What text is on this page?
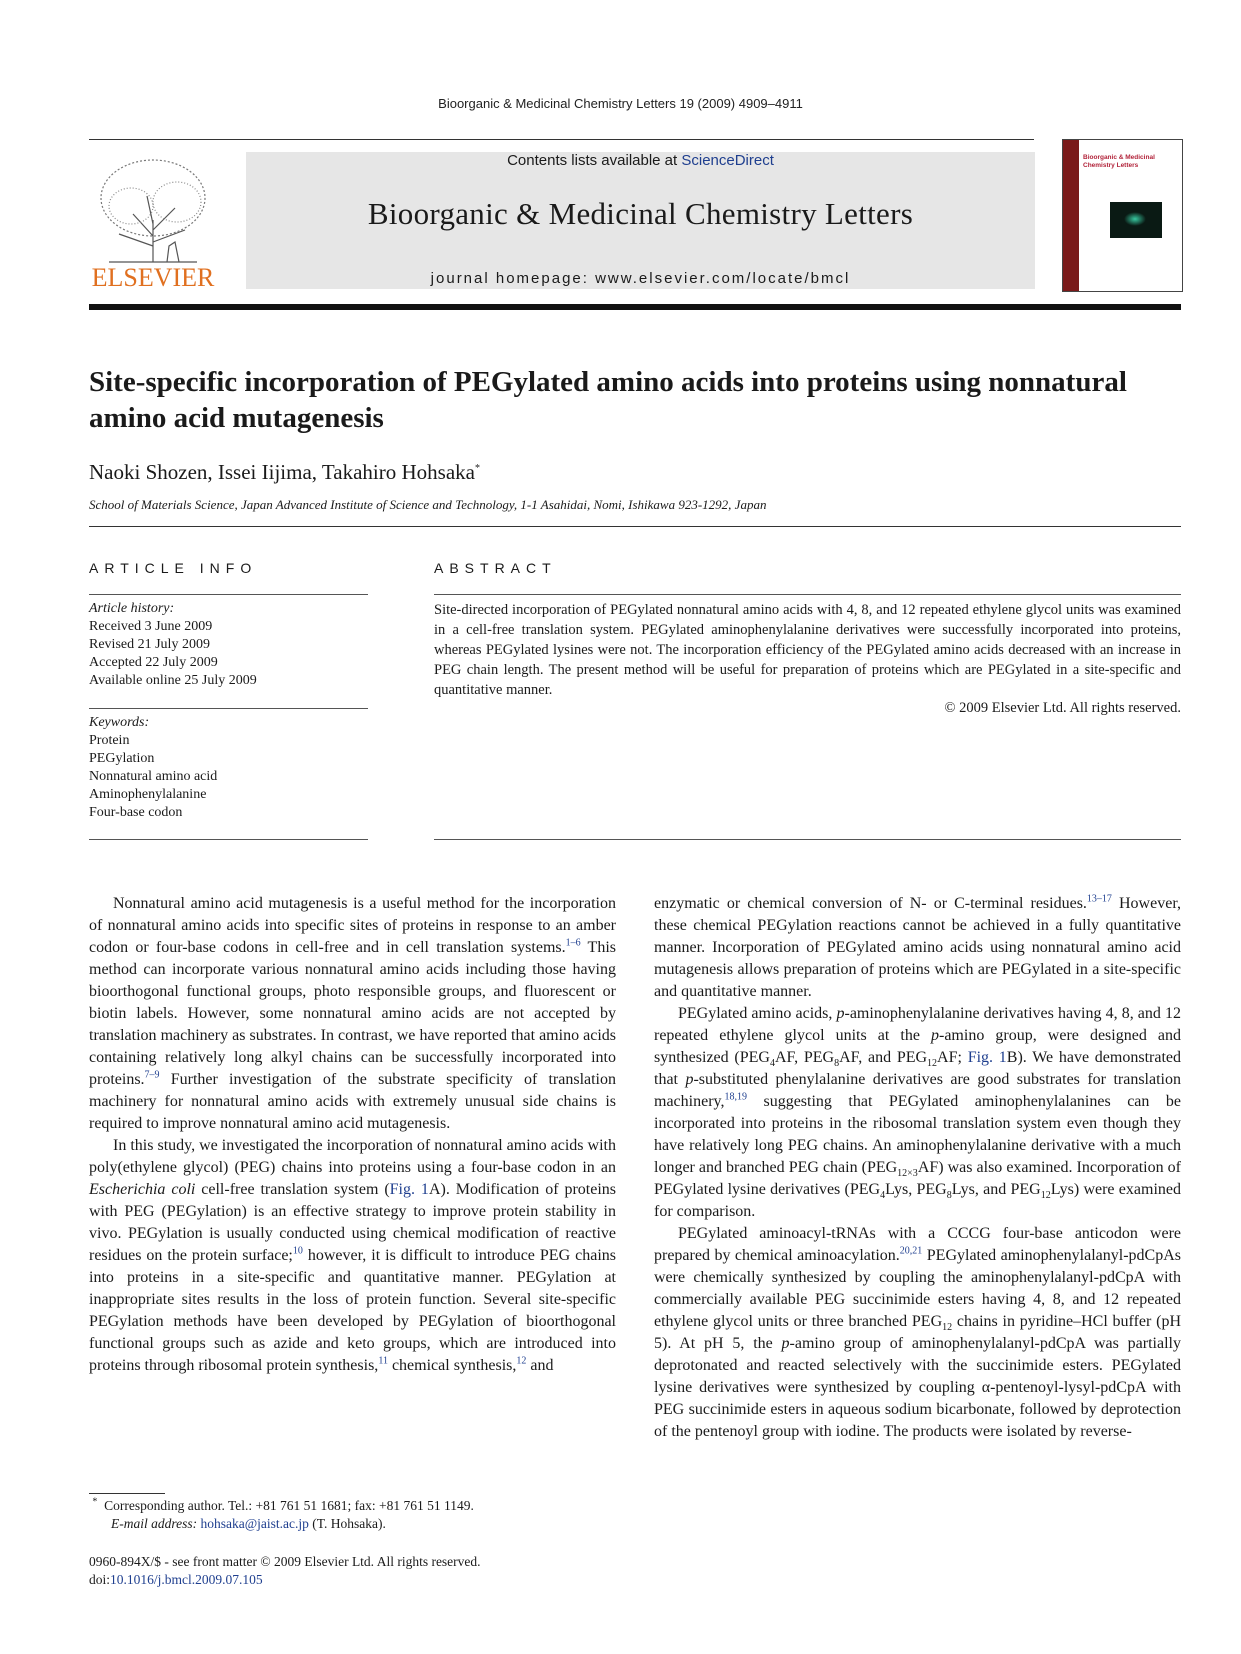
Bioorganic & Medicinal Chemistry Letters 19 (2009) 4909–4911
ELSEVIER
Contents lists available at ScienceDirect
Bioorganic & Medicinal Chemistry Letters
journal homepage: www.elsevier.com/locate/bmcl
Bioorganic & Medicinal Chemistry Letters
Site-specific incorporation of PEGylated amino acids into proteins using nonnatural amino acid mutagenesis
Naoki Shozen, Issei Iijima, Takahiro Hohsaka*
School of Materials Science, Japan Advanced Institute of Science and Technology, 1-1 Asahidai, Nomi, Ishikawa 923-1292, Japan
ARTICLE INFO	ABSTRACT
Article history:
Received 3 June 2009
Revised 21 July 2009
Accepted 22 July 2009
Available online 25 July 2009
Keywords:
Protein
PEGylation
Nonnatural amino acid
Aminophenylalanine
Four-base codon
Site-directed incorporation of PEGylated nonnatural amino acids with 4, 8, and 12 repeated ethylene glycol units was examined in a cell-free translation system. PEGylated aminophenylalanine derivatives were successfully incorporated into proteins, whereas PEGylated lysines were not. The incorporation efficiency of the PEGylated amino acids decreased with an increase in PEG chain length. The present method will be useful for preparation of proteins which are PEGylated in a site-specific and quantitative manner.
© 2009 Elsevier Ltd. All rights reserved.

Nonnatural amino acid mutagenesis is a useful method for the incorporation of nonnatural amino acids into specific sites of proteins in response to an amber codon or four-base codons in cell-free and in cell translation systems.$^{1-6}$ This method can incorporate various nonnatural amino acids including those having bioorthogonal functional groups, photo responsible groups, and fluorescent or biotin labels. However, some nonnatural amino acids are not accepted by translation machinery as substrates. In contrast, we have reported that amino acids containing relatively long alkyl chains can be successfully incorporated into proteins.$^{7-9}$ Further investigation of the substrate specificity of translation machinery for nonnatural amino acids with extremely unusual side chains is required to improve nonnatural amino acid mutagenesis.

In this study, we investigated the incorporation of nonnatural amino acids with poly(ethylene glycol) (PEG) chains into proteins using a four-base codon in an Escherichia coli cell-free translation system (Fig. 1A). Modification of proteins with PEG (PEGylation) is an effective strategy to improve protein stability in vivo. PEGylation is usually conducted using chemical modification of reactive residues on the protein surface;$^{10}$ however, it is difficult to introduce PEG chains into proteins in a site-specific and quantitative manner. PEGylation at inappropriate sites results in the loss of protein function. Several site-specific PEGylation methods have been developed by PEGylation of bioorthogonal functional groups such as azide and keto groups, which are introduced into proteins through ribosomal protein synthesis,$^{11}$ chemical synthesis,$^{12}$ and

enzymatic or chemical conversion of N- or C-terminal residues.$^{13-17}$ However, these chemical PEGylation reactions cannot be achieved in a fully quantitative manner. Incorporation of PEGylated amino acids using nonnatural amino acid mutagenesis allows preparation of proteins which are PEGylated in a site-specific and quantitative manner.

PEGylated amino acids, p-aminophenylalanine derivatives having 4, 8, and 12 repeated ethylene glycol units at the p-amino group, were designed and synthesized ($PEG_4AF$, $PEG_8AF$, and $PEG_{12}AF$; Fig. 1B). We have demonstrated that p-substituted phenylalanine derivatives are good substrates for translation machinery,$^{18,19}$ suggesting that PEGylated aminophenylalanines can be incorporated into proteins in the ribosomal translation system even though they have relatively long PEG chains. An aminophenylalanine derivative with a much longer and branched PEG chain $(PEG_{12\times 3}AF)$ was also examined. Incorporation of PEGylated lysine derivatives ($PEG_4Lys$, $PEG_8Lys$, and $PEG_{12}Lys$) were examined for comparison.

PEGylated aminoacyl-tRNAs with a CCCG four-base anticodon were prepared by chemical aminoacylation.$^{20,21}$ PEGylated aminophenylalanyl-pdCpAs were chemically synthesized by coupling the aminophenylalanyl-pdCpA with commercially available PEG succinimide esters having 4, 8, and 12 repeated ethylene glycol units or three branched $PEG_{12}$ chains in pyridine–HCl buffer (pH 5). At pH 5, the p-amino group of aminophenylalanyl-pdCpA was partially deprotonated and reacted selectively with the succinimide esters. PEGylated lysine derivatives were synthesized by coupling α-pentenoyl-lysyl-pdCpA with PEG succinimide esters in aqueous sodium bicarbonate, followed by deprotection of the pentenoyl group with iodine. The products were isolated by reverse-

* Corresponding author. Tel.: +81 761 51 1681; fax: +81 761 51 1149.
E-mail address: hohsaka@jaist.ac.jp (T. Hohsaka).
0960-894X/$ - see front matter © 2009 Elsevier Ltd. All rights reserved.
doi:10.1016/j.bmcl.2009.07.105
